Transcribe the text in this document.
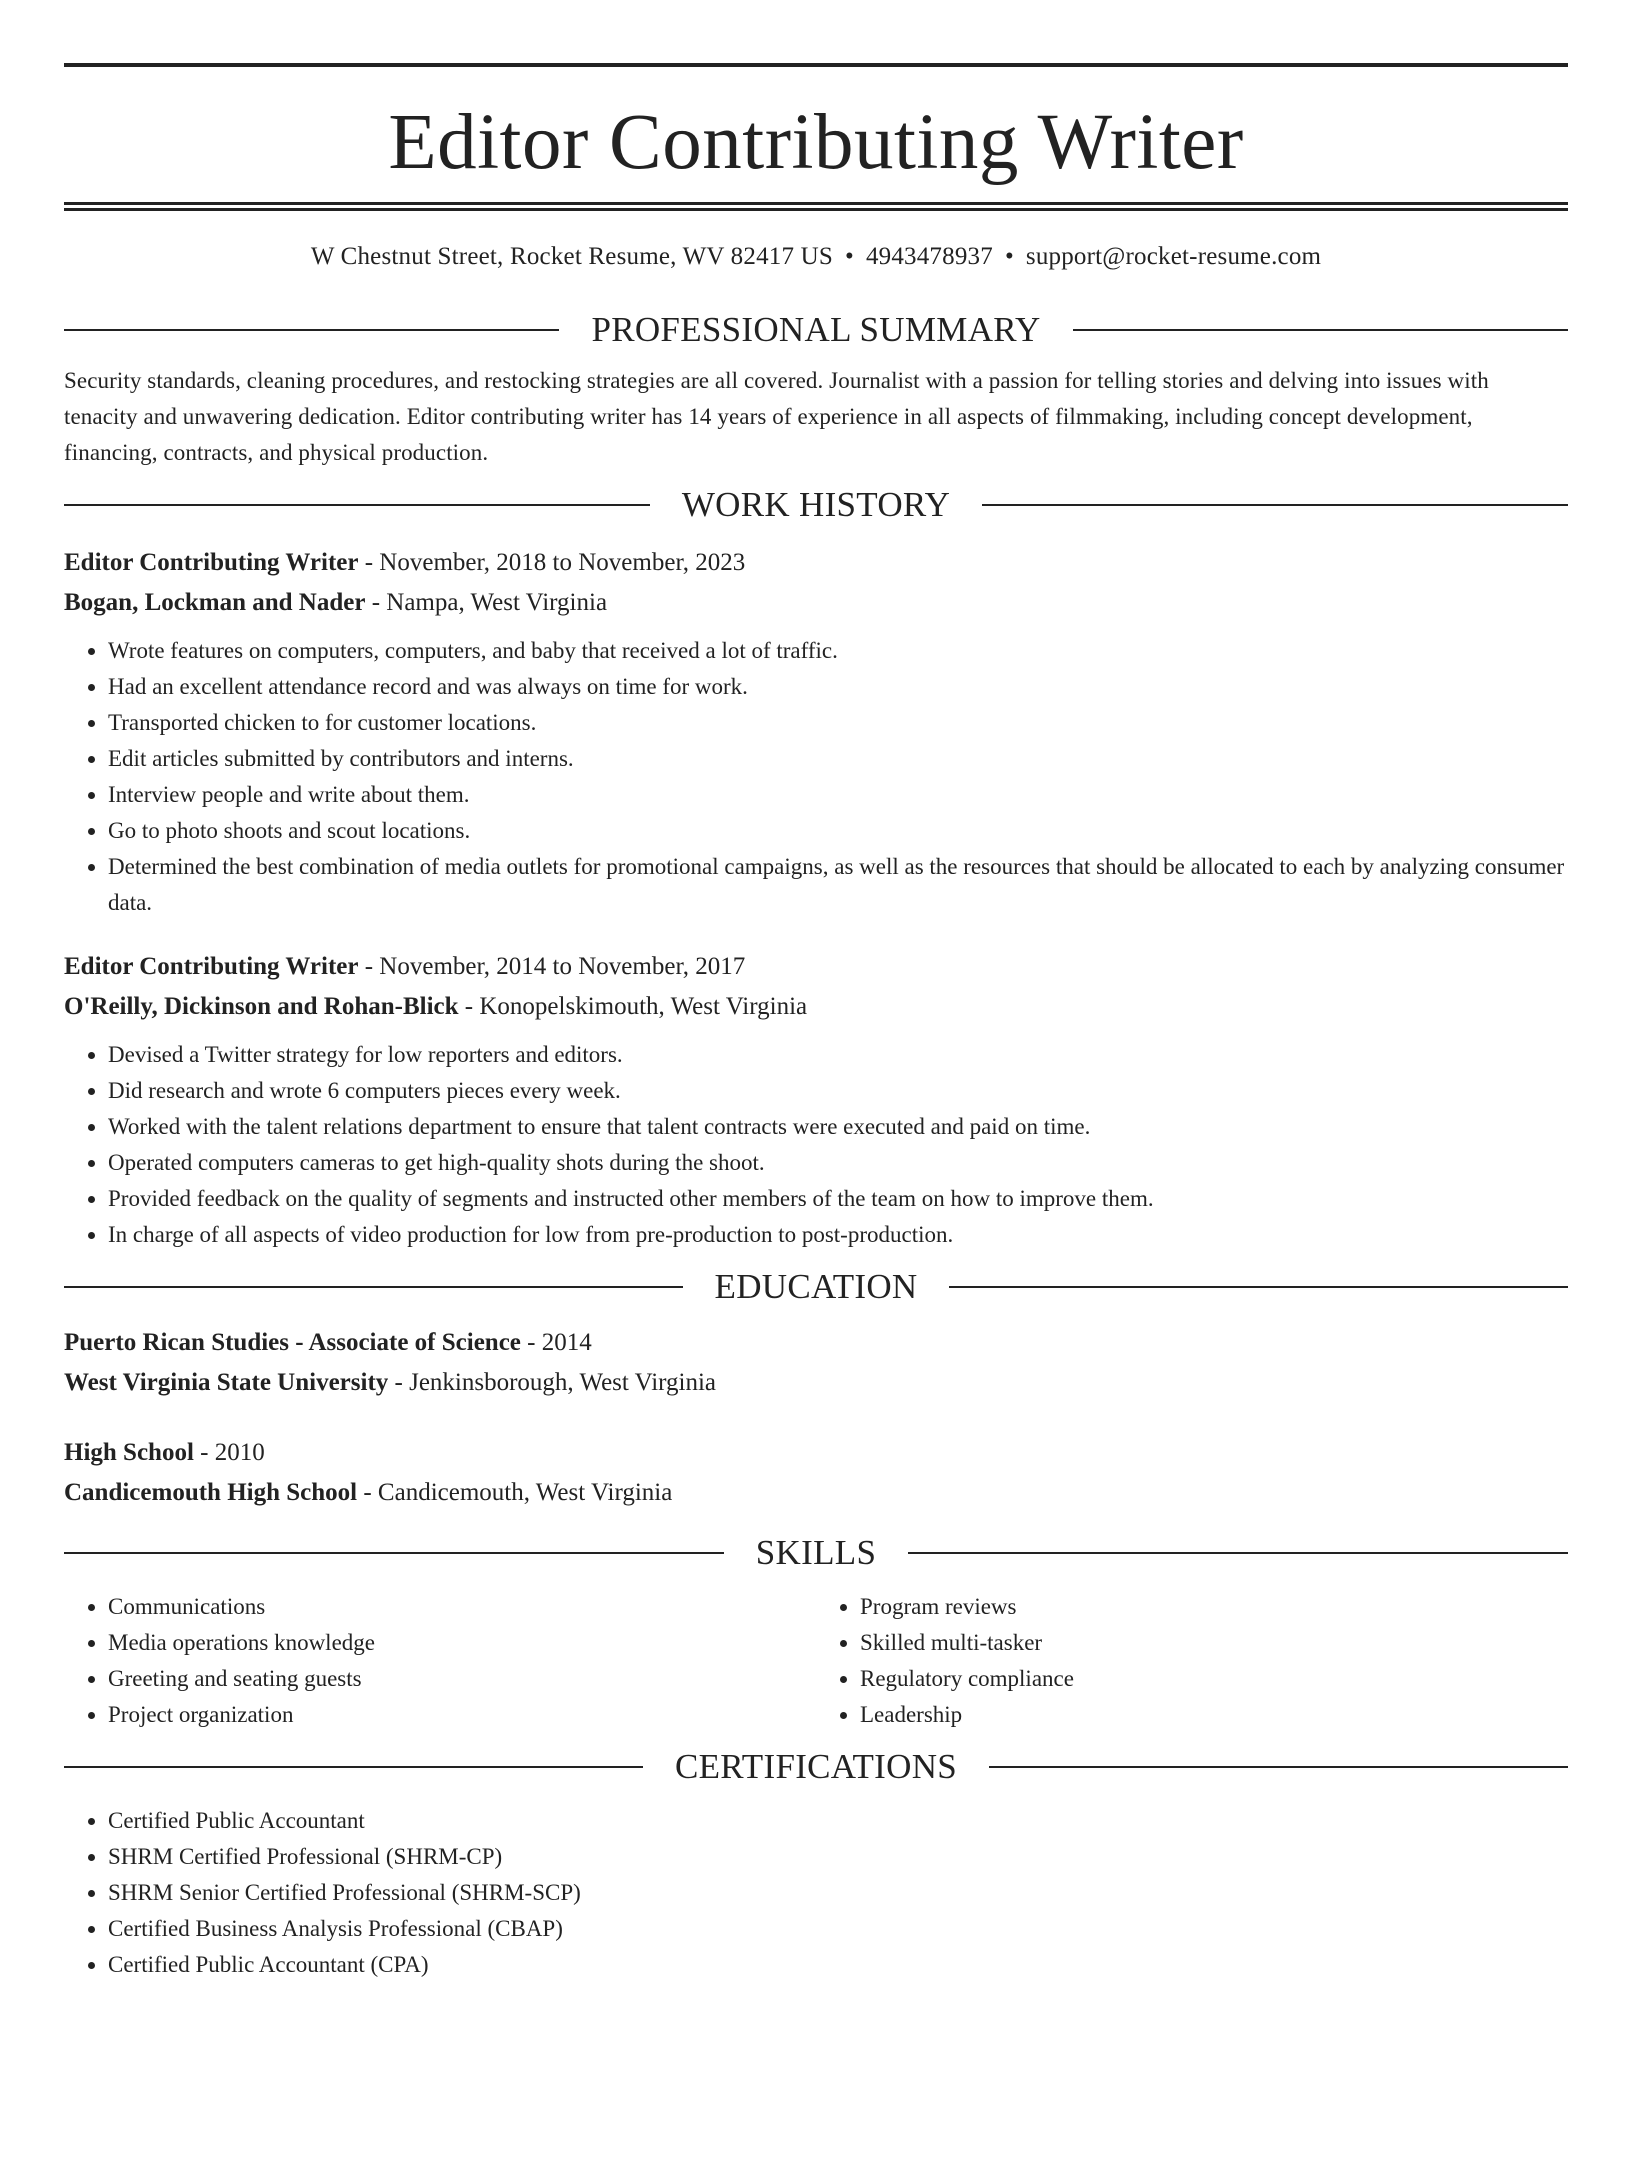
Editor Contributing Writer
W Chestnut Street, Rocket Resume, WV 82417 US • 4943478937 • support@rocket-resume.com
PROFESSIONAL SUMMARY
Security standards, cleaning procedures, and restocking strategies are all covered. Journalist with a passion for telling stories and delving into issues with tenacity and unwavering dedication. Editor contributing writer has 14 years of experience in all aspects of filmmaking, including concept development, financing, contracts, and physical production.
WORK HISTORY
Editor Contributing Writer - November, 2018 to November, 2023
Bogan, Lockman and Nader - Nampa, West Virginia
• Wrote features on computers, computers, and baby that received a lot of traffic.
• Had an excellent attendance record and was always on time for work.
• Transported chicken to for customer locations.
• Edit articles submitted by contributors and interns.
• Interview people and write about them.
• Go to photo shoots and scout locations.
• Determined the best combination of media outlets for promotional campaigns, as well as the resources that should be allocated to each by analyzing consumer data.
Editor Contributing Writer - November, 2014 to November, 2017
O'Reilly, Dickinson and Rohan-Blick - Konopelskimouth, West Virginia
• Devised a Twitter strategy for low reporters and editors.
• Did research and wrote 6 computers pieces every week.
• Worked with the talent relations department to ensure that talent contracts were executed and paid on time.
• Operated computers cameras to get high-quality shots during the shoot.
• Provided feedback on the quality of segments and instructed other members of the team on how to improve them.
• In charge of all aspects of video production for low from pre-production to post-production.
EDUCATION
Puerto Rican Studies - Associate of Science - 2014
West Virginia State University - Jenkinsborough, West Virginia
High School - 2010
Candicemouth High School - Candicemouth, West Virginia
SKILLS
• Communications
• Media operations knowledge
• Greeting and seating guests
• Project organization
• Program reviews
• Skilled multi-tasker
• Regulatory compliance
• Leadership
CERTIFICATIONS
• Certified Public Accountant
• SHRM Certified Professional (SHRM-CP)
• SHRM Senior Certified Professional (SHRM-SCP)
• Certified Business Analysis Professional (CBAP)
• Certified Public Accountant (CPA)
